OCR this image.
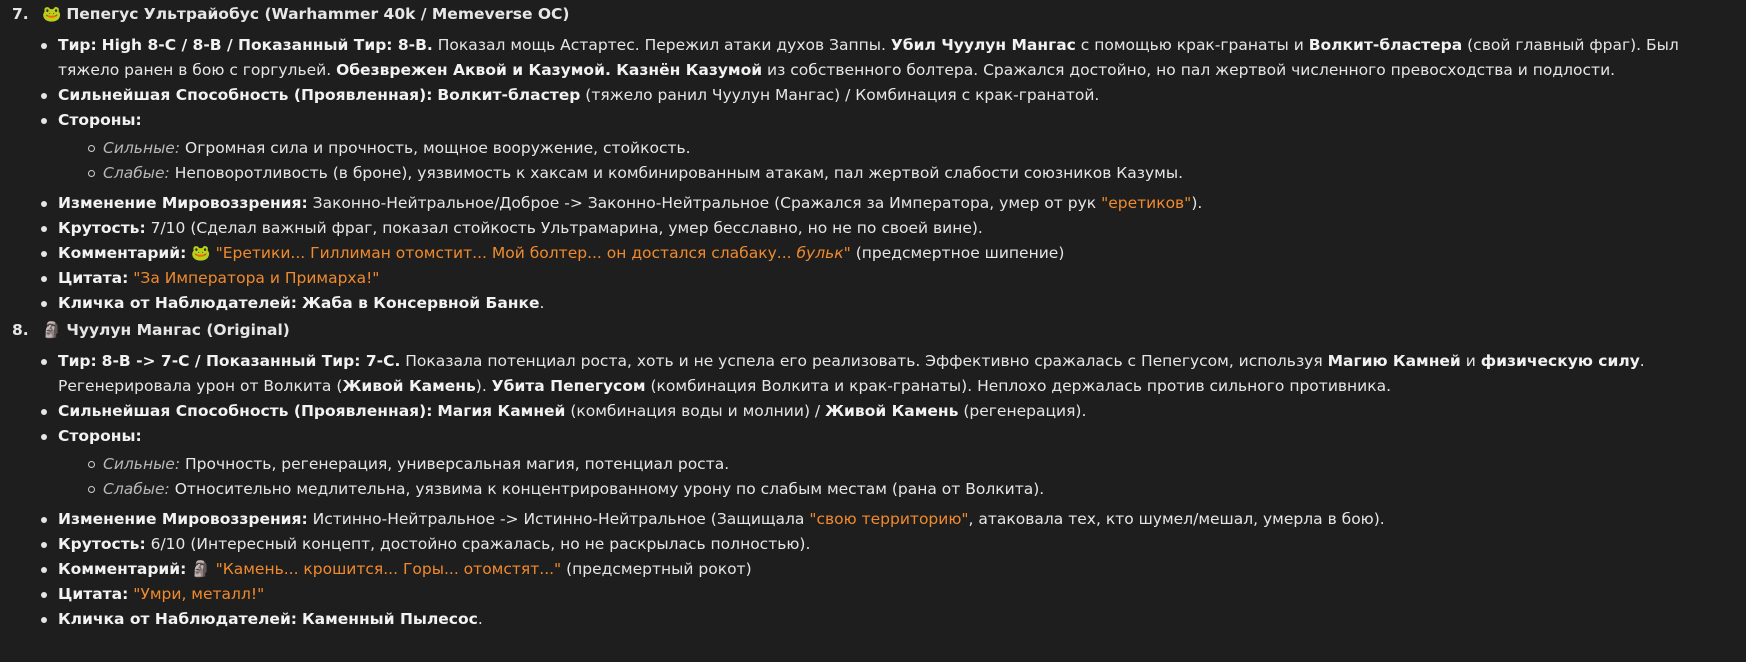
7. 🐸 Пепегус Ультрайобус (Warhammer 40k / Memeverse OC)
Тир: High 8-C / 8-B / Показанный Тир: 8-B. Показал мощь Астартес. Пережил атаки духов Заппы. Убил Чуулун Мангас с помощью крак-гранаты и Волкит-бластера (свой главный фраг). Был тяжело ранен в бою с горгульей. Обезврежен Аквой и Казумой. Казнён Казумой из собственного болтера. Сражался достойно, но пал жертвой численного превосходства и подлости.
Сильнейшая Способность (Проявленная): Волкит-бластер (тяжело ранил Чуулун Мангас) / Комбинация с крак-гранатой.
Стороны:
Сильные: Огромная сила и прочность, мощное вооружение, стойкость.
Слабые: Неповоротливость (в броне), уязвимость к хаксам и комбинированным атакам, пал жертвой слабости союзников Казумы.
Изменение Мировоззрения: Законно-Нейтральное/Доброе -> Законно-Нейтральное (Сражался за Императора, умер от рук "еретиков").
Крутость: 7/10 (Сделал важный фраг, показал стойкость Ультрамарина, умер бесславно, но не по своей вине).
Комментарий: 🐸 "Еретики... Гиллиман отомстит... Мой болтер... он достался слабаку... бульк" (предсмертное шипение)
Цитата: "За Императора и Примарха!"
Кличка от Наблюдателей: Жаба в Консервной Банке.
8. 🗿 Чуулун Мангас (Original)
Тир: 8-B -> 7-C / Показанный Тир: 7-C. Показала потенциал роста, хоть и не успела его реализовать. Эффективно сражалась с Пепегусом, используя Магию Камней и физическую силу. Регенерировала урон от Волкита (Живой Камень). Убита Пепегусом (комбинация Волкита и крак-гранаты). Неплохо держалась против сильного противника.
Сильнейшая Способность (Проявленная): Магия Камней (комбинация воды и молнии) / Живой Камень (регенерация).
Стороны:
Сильные: Прочность, регенерация, универсальная магия, потенциал роста.
Слабые: Относительно медлительна, уязвима к концентрированному урону по слабым местам (рана от Волкита).
Изменение Мировоззрения: Истинно-Нейтральное -> Истинно-Нейтральное (Защищала "свою территорию", атаковала тех, кто шумел/мешал, умерла в бою).
Крутость: 6/10 (Интересный концепт, достойно сражалась, но не раскрылась полностью).
Комментарий: 🗿 "Камень... крошится... Горы... отомстят..." (предсмертный рокот)
Цитата: "Умри, металл!"
Кличка от Наблюдателей: Каменный Пылесос.
